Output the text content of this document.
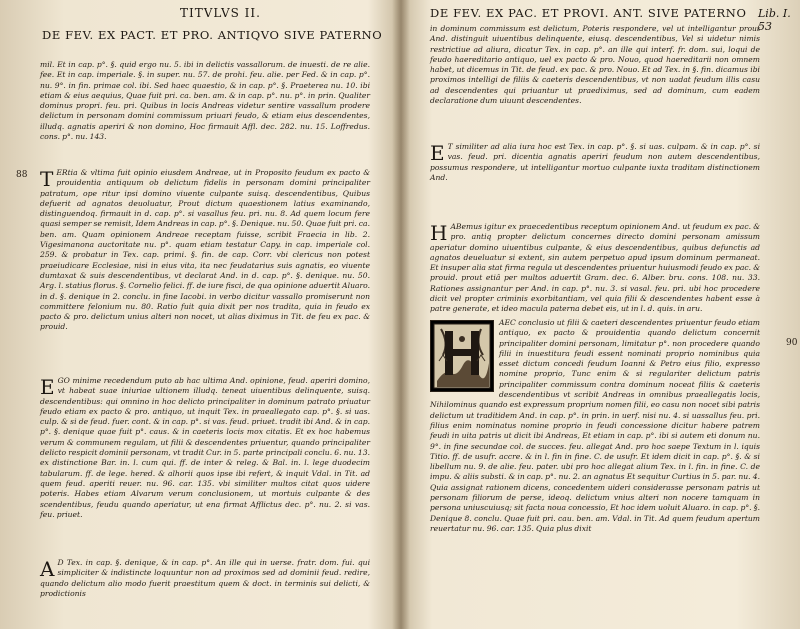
TITVLVS II.
DE FEV. EX PACT. ET PRO. ANTIQVO SIVE PATERNO
88

mil. Et in cap. p°. §. quid ergo nu. 5. ibi in delictis vassallorum. de inuesti. de re alie. fee. Et in cap. imperiale. §. in super. nu. 57. de prohi. feu. alie. per Fed. & in cap. p°. nu. 9°. in fin. primae col. ibi. Sed haec quaestio, & in cap. p°. §. Praeterea nu. 10. ibi etiam & eius aequius, Quae fuit pri. ca. ben. am. & in cap. p°. nu. p°. in prin. Qualiter dominus propri. feu. pri. Quibus in locis Andreas videtur sentire vassallum prodere delictum in personam domini commissum priuari feudo, & etiam eius descendentes, illudq. agnatis aperiri & non domino, Hoc firmauit Affl. dec. 282. nu. 15. Loffredus. cons. p°. nu. 143.

T ERtia & vltima fuit opinio eiusdem Andreae, ut in Proposito feudum ex pacto & prouidentia antiquum ob delictum fidelis in personam domini principaliter patratum, ope ritur ipsi domino viuente culpante suisq. descendentibus, Quibus defuerit ad agnatos deuoluatur, Prout dictum quaestionem latius examinando, distinguendoq. firmauit in d. cap. p°. si vasallus feu. pri. nu. 8. Ad quem locum fere quasi semper se remisit, Idem Andreas in cap. p°. §. Denique. nu. 50. Quae fuit pri. ca. ben. am. Quam opinionem Andreae receptam fuisse, scribit Fraecia in lib. 2. Vigesimanona auctoritate nu. p°. quam etiam testatur Capy. in cap. imperiale col. 259. & probatur in Tex. cap. primi. §. fin. de cap. Corr. vbi clericus non potest praeiudicare Ecclesiae, nisi in eius vita, ita nec feudatarius suis agnatis, eo viuente dumtaxat & suis descendentibus, vt declarat And. in d. cap. p°. §. denique. nu. 50. Arg. l. statius florus. §. Cornelio felici. ff. de iure fisci, de qua opinione aduertit Aluaro. in d. §. denique in 2. conclu. in fine Iacobi. in verbo dicitur vassallo promiserunt non committere felonium nu. 80. Ratio fuit quia dixit per nos tradita, quia in feudo ex pacto & pro. delictum unius alteri non nocet, ut alias diximus in Tit. de feu ex pac. & prouid.

E GO minime recedendum puto ab hac ultima And. opinione, feud. aperiri domino, vt habeat suae iniuriae ultionem illudq. teneat uiuentibus delinquente, suisq. descendentibus: qui omnino in hoc delicto principaliter in dominum patrato priuatur feudo etiam ex pacto & pro. antiquo, ut inquit Tex. in praeallegato cap. p°. §. si uas. culp. & si de feud. fuer. cont. & in cap. p°. si vas. feud. priuet. tradit ibi And. & in cap. p°. §. denique quae fuit p°. caus. & in caeteris locis mox citatis. Et ex hoc habemus verum & communem regulam, ut filii & descendentes priuentur, quando principaliter delicto respicit dominii personam, vt tradit Cur. in 5. parte principali conclu. 6. nu. 13. ex distinctione Bar. in. l. cum qui. ff. de inter & releg. & Bal. in. l. lege duodecim tabularum. ff. de lege. hered. & alhorii quos ipse ibi refert, & inquit Vdal. in Tit. ad quem feud. aperiti reuer. nu. 96. car. 135. vbi similiter multos citat quos uidere poteris. Habes etiam Alvarum verum conclusionem, ut mortuis culpante & des scendentibus, feudu quando aperiatur, ut ena firmat Afflictus dec. p°. nu. 2. si vas. feu. priuet.

A D Tex. in cap. §. denique, & in cap. p°. An ille qui in uerse. fratr. dom. fui. qui simpliciter & indistincte loquuntur non ad proximos sed ad dominii feud. redire, quando delictum alio modo fuerit praestitum quem & doct. in terminis sui delicti, & prodictionis

DE FEV. EX PAC. ET PROVI. ANT. SIVE PATERNO Lib. I. 53
90

in dominum commissum est delictum, Poteris respondere, vel ut intelligantur prout And. distinguit uiuentibus delinquente, eiusq. descendentibus, Vel si uidetur nimis restrictiue ad aliura, dicatur Tex. in cap. p°. an ille qui interf. fr. dom. sui, loqui de feudo haereditario antiquo, uel ex pacto & pro. Nouo, quod haereditarii non omnem habet, ut dicemus in Tit. de feud. ex pac. & pro. Nouo. Et ad Tex. in §. fin. dicamus ibi proximos intelligi de filiis & caeteris descendentibus, vt non uadat feudum illis casu ad descendentes qui priuantur ut praediximus, sed ad dominum, cum eadem declaratione dum uiuunt descendentes.

E T similiter ad alia iura hoc est Tex. in cap. p°. §. si uas. culpam. & in cap. p°. si vas. feud. pri. dicentia agnatis aperiri feudum non autem descendentibus, possumus respondere, ut intelligantur mortuo culpante iuxta traditam distinctionem And.

H ABemus igitur ex praecedentibus receptum opinionem And. ut feudum ex pac. & pro. antiq propter delictum concernes directo domini personam amissum aperiatur domino uiuentibus culpante, & eius descendentibus, quibus defunctis ad agnatos deueluatur si extent, sin autem perpetuo apud ipsum dominum permaneat. Et insuper alia stat firma regula ut descendentes priuentur huiusmodi feudo ex pac. & prouid. prout etiâ per multos aduertit Gram. dec. 6. Alber. bru. cons. 108. nu. 33. Rationes assignantur per And. in cap. p°. nu. 3. si vasal. feu. pri. ubi hoc procedere dicit vel propter criminis exorbitantiam, vel quia filii & descendentes habent esse à patre generate, et ideo macula paterna debet eis, ut in l. d. quis. in aru.

AEC conclusio ut filii & caeteri descendentes priuentur feudo etiam antiquo, ex pacto & prouidentia quando delictum concernit principaliter domini personam, limitatur p°. non procedere quando filii in inuestitura feudi essent nominati proprio nominibus quia esset dictum concedi feudum Ioanni & Petro eius filio, expresso nomine proprio, Tunc enim & si regulariter delictum patris principaliter commissum contra dominum noceat filiis & caeteris descendentibus vt scribit Andreas in omnibus praeallegatis locis, Nihilominus quando est expressum proprium nomen filii, eo casu non nocet sibi patris delictum ut traditidem And. in cap. p°. in prin. in uerf. nisi nu. 4. si uassallus feu. pri. filius enim nominatus nomine proprio in feudi concessione dicitur habere patrem feudi in uita patris ut dicit ibi Andreas, Et etiam in cap. p°. ibi si autem eti donum nu. 9°. in fine secundae col. de succes. feu. allegat And. pro hoc saepe Textum in l. iquis Titio. ff. de usufr. accre. & in l. fin in fine. C. de usufr. Et idem dicit in cap. p°. §. & si libellum nu. 9. de alie. feu. pater. ubi pro hoc allegat alium Tex. in l. fin. in fine. C. de impu. & aliis substi. & in cap. p°. nu. 2. an agnatus Et sequitur Curtius in 5. par. nu. 4. Quia assignat rationem dicens, concedentem uideri considerasse personam patris ut personam filiorum de perse, ideoq. delictum vnius alteri non nocere tamquam in persona uniuscuiusq; sit facta noua concessio, Et hoc idem uoluit Aluaro. in cap. p°. §. Denique 8. conclu. Quae fuit pri. cau. ben. am. Vdal. in Tit. Ad quem feudum apertum reuertatur nu. 96. car. 135. Quia plus dixit
